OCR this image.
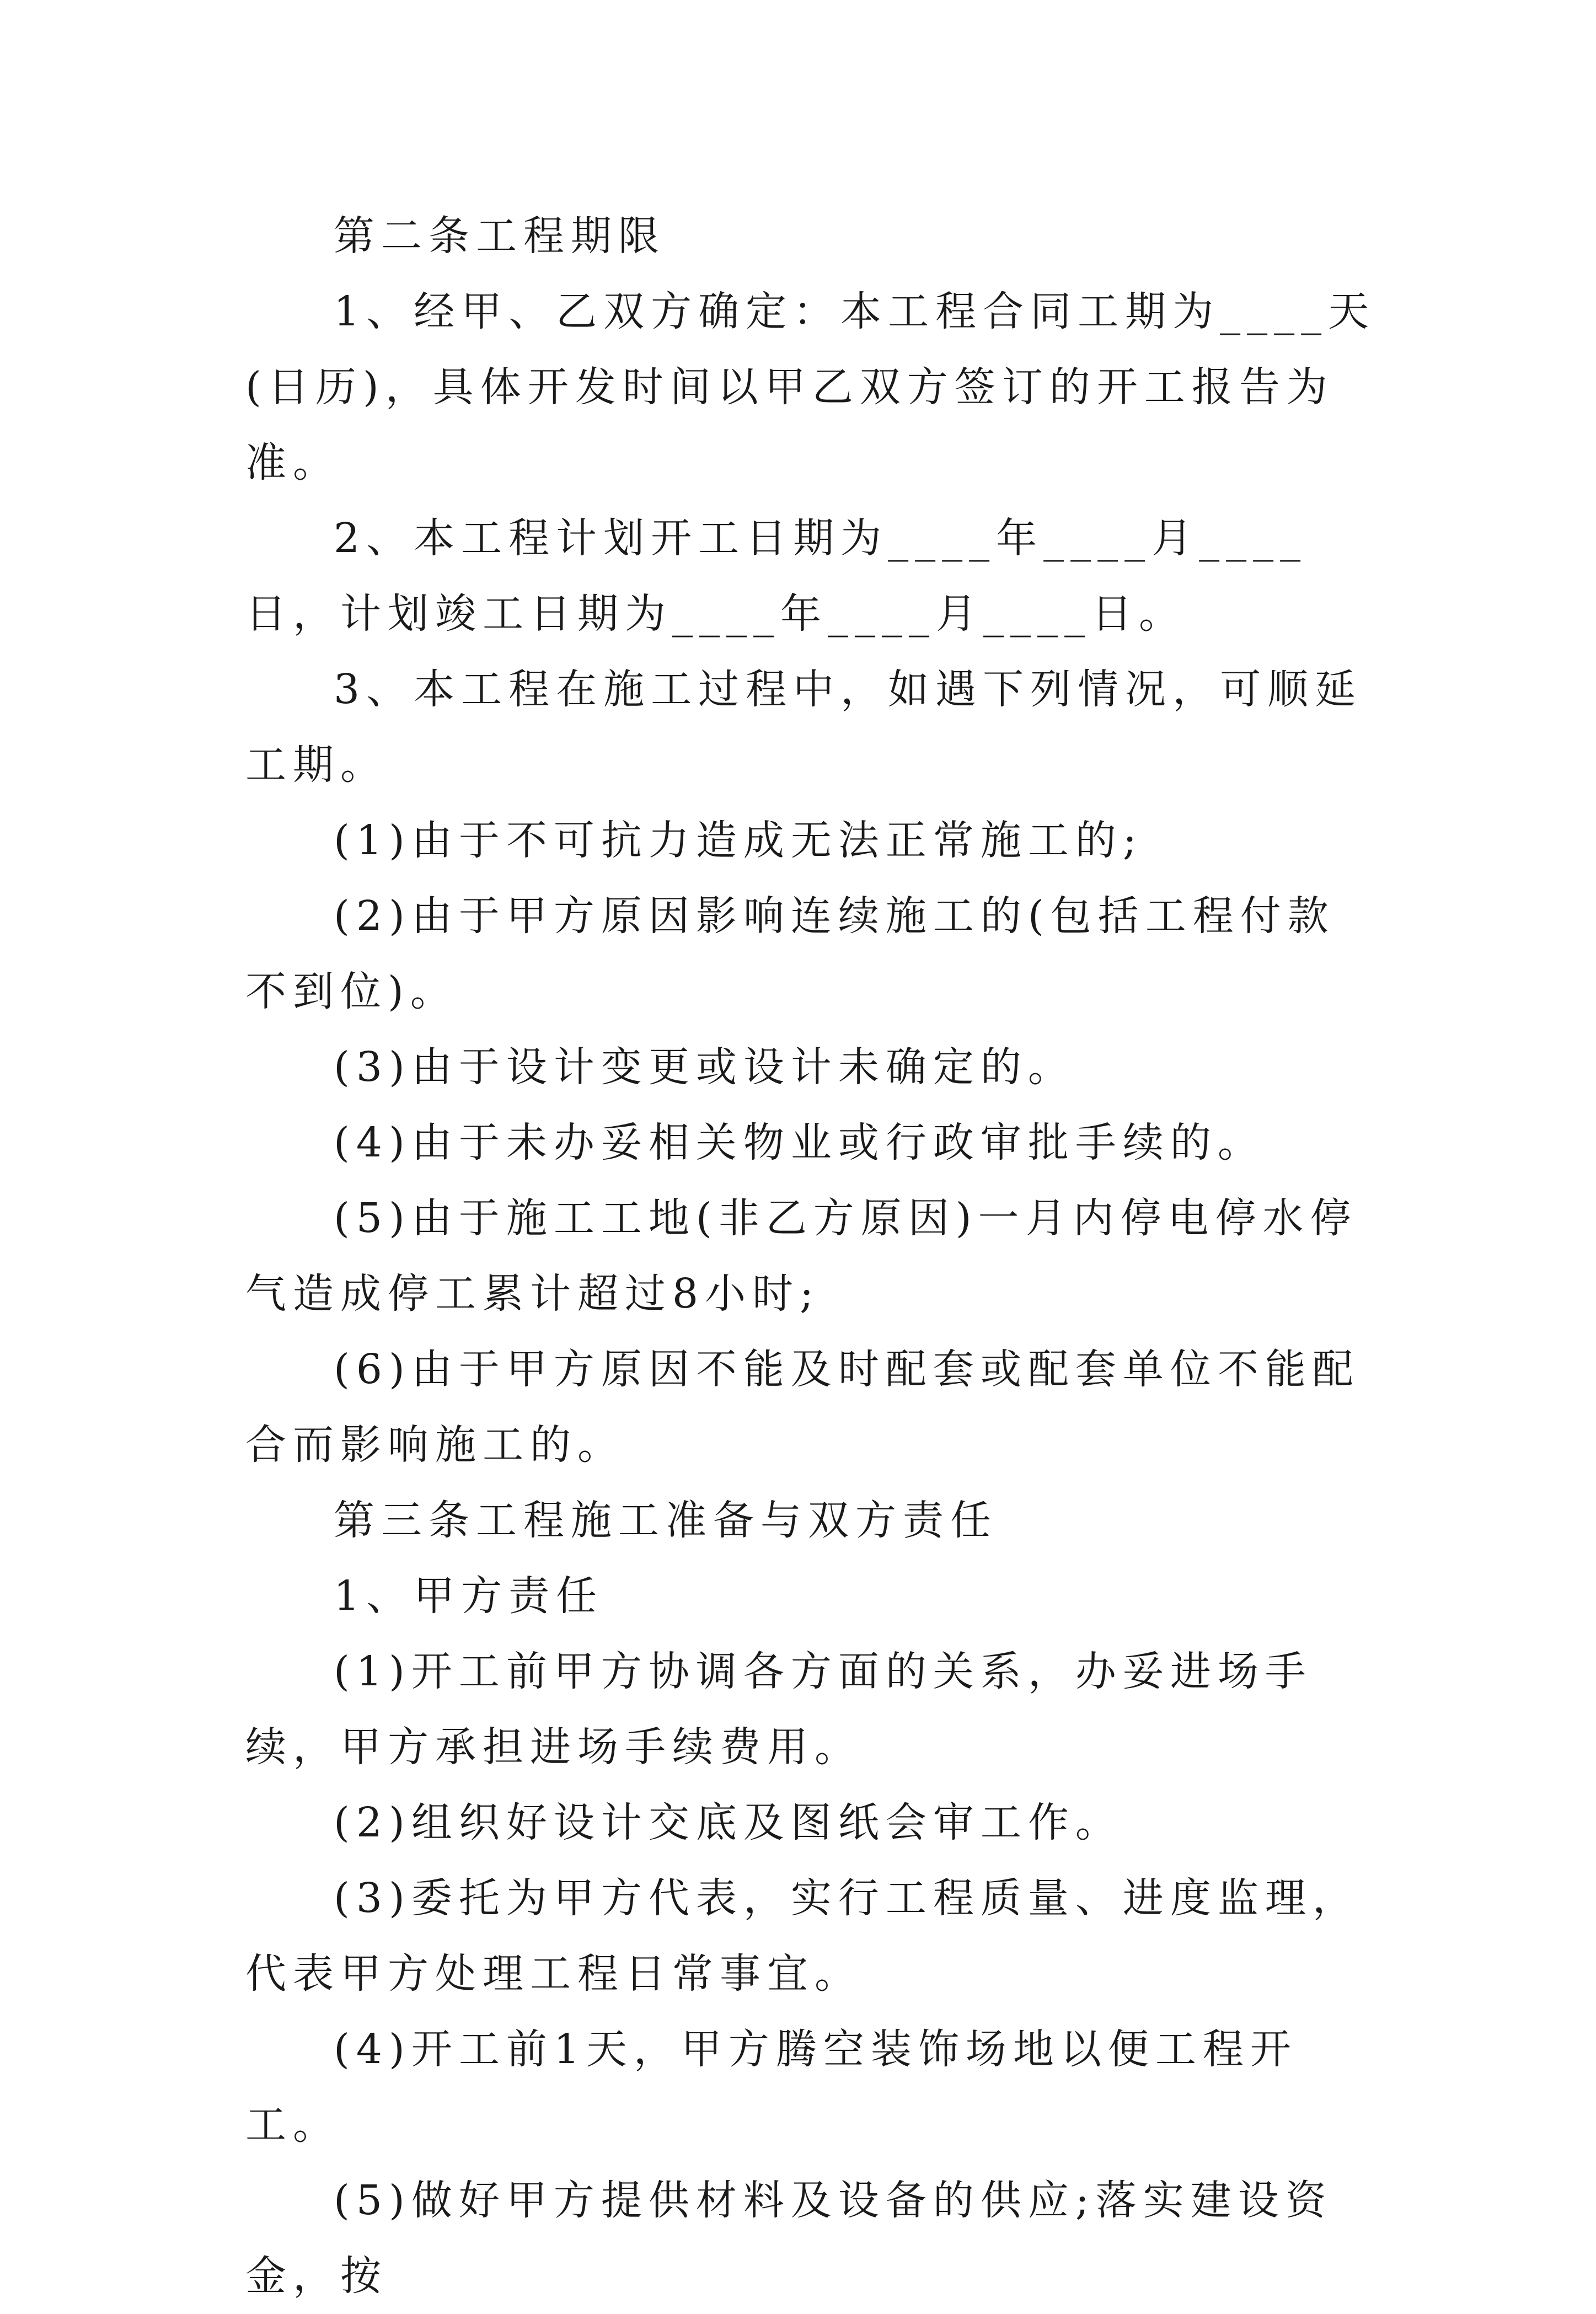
第二条工程期限

1、经甲、乙双方确定：本工程合同工期为____天(日历)，具体开发时间以甲乙双方签订的开工报告为准。

2、本工程计划开工日期为____年____月____日，计划竣工日期为____年____月____日。

3、本工程在施工过程中，如遇下列情况，可顺延工期。

(1)由于不可抗力造成无法正常施工的;

(2)由于甲方原因影响连续施工的(包括工程付款不到位)。

(3)由于设计变更或设计未确定的。

(4)由于未办妥相关物业或行政审批手续的。

(5)由于施工工地(非乙方原因)一月内停电停水停气造成停工累计超过8小时;

(6)由于甲方原因不能及时配套或配套单位不能配合而影响施工的。

第三条工程施工准备与双方责任

1、甲方责任

(1)开工前甲方协调各方面的关系，办妥进场手续，甲方承担进场手续费用。

(2)组织好设计交底及图纸会审工作。

(3)委托为甲方代表，实行工程质量、进度监理，代表甲方处理工程日常事宜。

(4)开工前1天，甲方腾空装饰场地以便工程开工。

(5)做好甲方提供材料及设备的供应;落实建设资金，按
